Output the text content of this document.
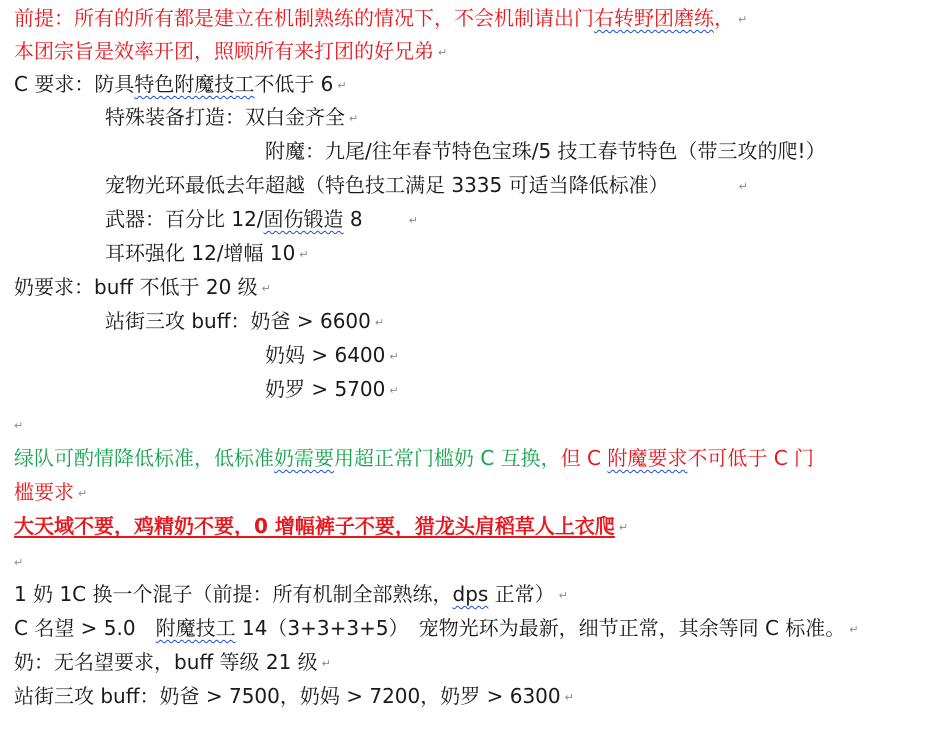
前提：所有的所有都是建立在机制熟练的情况下，不会机制请出门右转野团磨练， ↵
本团宗旨是效率开团，照顾所有来打团的好兄弟 ↵
C 要求：防具特色附魔技工不低于 6 ↵
特殊装备打造：双白金齐全 ↵
附魔：九尾/往年春节特色宝珠/5 技工春节特色（带三攻的爬!）
宠物光环最低去年超越（特色技工满足 3335 可适当降低标准）	↵
武器：百分比 12/固伤锻造 8	↵
耳环强化 12/增幅 10 ↵
奶要求：buff 不低于 20 级 ↵
站街三攻 buff：奶爸 > 6600 ↵
奶妈 > 6400 ↵
奶罗 > 5700 ↵
↵
绿队可酌情降低标准，低标准奶需要用超正常门槛奶 C 互换，但 C 附魔要求不可低于 C 门
槛要求 ↵
大天域不要，鸡精奶不要，0 增幅裤子不要，猎龙头肩稻草人上衣爬 ↵
↵
1 奶 1C 换一个混子（前提：所有机制全部熟练，dps 正常） ↵
C 名望 > 5.0　附魔技工 14（3+3+3+5）　宠物光环为最新，细节正常，其余等同 C 标准。 ↵
奶：无名望要求，buff 等级 21 级 ↵
站街三攻 buff：奶爸 > 7500，奶妈 > 7200，奶罗 > 6300 ↵
